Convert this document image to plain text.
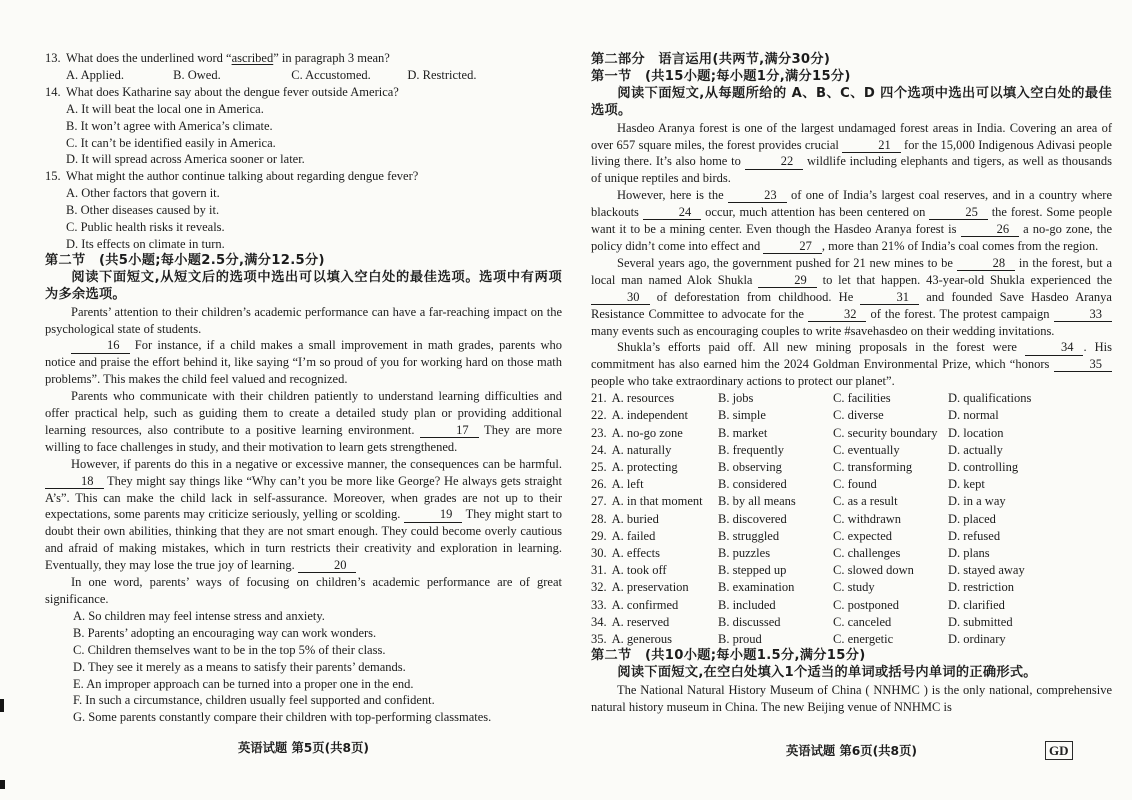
13. What does the underlined word “ascribed” in paragraph 3 mean?
A. Applied.	B. Owed.	C. Accustomed.	D. Restricted.
14. What does Katharine say about the dengue fever outside America?
A. It will beat the local one in America.
B. It won’t agree with America’s climate.
C. It can’t be identified easily in America.
D. It will spread across America sooner or later.
15. What might the author continue talking about regarding dengue fever?
A. Other factors that govern it.
B. Other diseases caused by it.
C. Public health risks it reveals.
D. Its effects on climate in turn.
第二节　(共5小题;每小题2.5分,满分12.5分)
阅读下面短文,从短文后的选项中选出可以填入空白处的最佳选项。选项中有两项为多余选项。

Parents’ attention to their children’s academic performance can have a far-reaching impact on the psychological state of students.

16 For instance, if a child makes a small improvement in math grades, parents who notice and praise the effort behind it, like saying “I’m so proud of you for working hard on those math problems”. This makes the child feel valued and recognized.

Parents who communicate with their children patiently to understand learning difficulties and offer practical help, such as guiding them to create a detailed study plan or providing additional learning resources, also contribute to a positive learning environment.	17 They are more willing to face challenges in study, and their motivation to learn gets strengthened.

However, if parents do this in a negative or excessive manner, the consequences can be harmful. 18 They might say things like “Why can’t you be more like George? He always gets straight A’s”. This can make the child lack in self-assurance. Moreover, when grades are not up to their expectations, some parents may criticize seriously, yelling or scolding.	19 They might start to doubt their own abilities, thinking that they are not smart enough. They could become overly cautious and afraid of making mistakes, which in turn restricts their creativity and exploration in learning. Eventually, they may lose the true joy of learning.	20

In one word, parents’ ways of focusing on children’s academic performance are of great significance.

A. So children may feel intense stress and anxiety.
B. Parents’ adopting an encouraging way can work wonders.
C. Children themselves want to be in the top 5% of their class.
D. They see it merely as a means to satisfy their parents’ demands.
E. An improper approach can be turned into a proper one in the end.
F. In such a circumstance, children usually feel supported and confident.
G. Some parents constantly compare their children with top-performing classmates.
第二部分　语言运用(共两节,满分30分)
第一节　(共15小题;每小题1分,满分15分)
阅读下面短文,从每题所给的 A、B、C、D 四个选项中选出可以填入空白处的最佳选项。

Hasdeo Aranya forest is one of the largest undamaged forest areas in India. Covering an area of over 657 square miles, the forest provides crucial	21 for the 15,000 Indigenous Adivasi people living there. It’s also home to	22 wildlife including elephants and tigers, as well as thousands of unique reptiles and birds.

However, here is the	23 of one of India’s largest coal reserves, and in a country where blackouts	24 occur, much attention has been centered on	25 the forest. Some people want it to be a mining center. Even though the Hasdeo Aranya forest is	26 a no-go zone, the policy didn’t come into effect and	27 , more than 21% of India’s coal comes from the region.

Several years ago, the government pushed for 21 new mines to be	28 in the forest, but a local man named Alok Shukla	29 to let that happen. 43-year-old Shukla experienced the 30 of deforestation from childhood. He	31 and founded Save Hasdeo Aranya Resistance Committee to advocate for the	32 of the forest. The protest campaign	33 many events such as encouraging couples to write #savehasdeo on their wedding invitations.

Shukla’s efforts paid off. All new mining proposals in the forest were	34 . His commitment has also earned him the 2024 Goldman Environmental Prize, which “honors	35 people who take extraordinary actions to protect our planet”.

21. A. resources	B. jobs	C. facilities	D. qualifications
22. A. independent	B. simple	C. diverse	D. normal
23. A. no-go zone	B. market	C. security boundary D. location
24. A. naturally	B. frequently	C. eventually	D. actually
25. A. protecting	B. observing	C. transforming	D. controlling
26. A. left	B. considered	C. found	D. kept
27. A. in that moment	B. by all means	C. as a result	D. in a way
28. A. buried	B. discovered	C. withdrawn	D. placed
29. A. failed	B. struggled	C. expected	D. refused
30. A. effects	B. puzzles	C. challenges	D. plans
31. A. took off	B. stepped up	C. slowed down	D. stayed away
32. A. preservation	B. examination	C. study	D. restriction
33. A. confirmed	B. included	C. postponed	D. clarified
34. A. reserved	B. discussed	C. canceled	D. submitted
35. A. generous	B. proud	C. energetic	D. ordinary
第二节　(共10小题;每小题1.5分,满分15分)
阅读下面短文,在空白处填入1个适当的单词或括号内单词的正确形式。

The National Natural History Museum of China ( NNHMC ) is the only national, comprehensive natural history museum in China. The new Beijing venue of NNHMC is

英语试题 第5页(共8页)	英语试题 第6页(共8页)	GD
